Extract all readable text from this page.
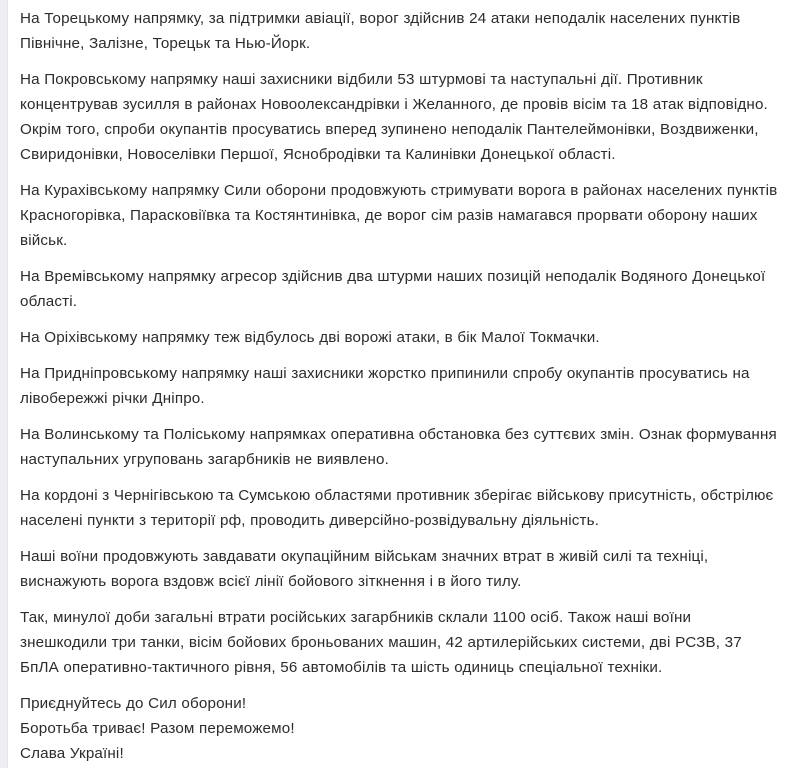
На Торецькому напрямку, за підтримки авіації, ворог здійснив 24 атаки неподалік населених пунктів Північне, Залізне, Торецьк та Нью-Йорк.

На Покровському напрямку наші захисники відбили 53 штурмові та наступальні дії. Противник концентрував зусилля в районах Новоолександрівки і Желанного, де провів вісім та 18 атак відповідно. Окрім того, спроби окупантів просуватись вперед зупинено неподалік Пантелеймонівки, Воздвиженки, Свиридонівки, Новоселівки Першої, Яснобродівки та Калинівки Донецької області.

На Курахівському напрямку Сили оборони продовжують стримувати ворога в районах населених пунктів Красногорівка, Парасковіївка та Костянтинівка, де ворог сім разів намагався прорвати оборону наших військ.

На Времівському напрямку агресор здійснив два штурми наших позицій неподалік Водяного Донецької області.

На Оріхівському напрямку теж відбулось дві ворожі атаки, в бік Малої Токмачки.

На Придніпровському напрямку наші захисники жорстко припинили спробу окупантів просуватись на лівобережжі річки Дніпро.

На Волинському та Поліському напрямках оперативна обстановка без суттєвих змін. Ознак формування наступальних угруповань загарбників не виявлено.

На кордоні з Чернігівською та Сумською областями противник зберігає військову присутність, обстрілює населені пункти з території рф, проводить диверсійно-розвідувальну діяльність.

Наші воїни продовжують завдавати окупаційним військам значних втрат в живій силі та техніці, виснажують ворога вздовж всієї лінії бойового зіткнення і в його тилу.

Так, минулої доби загальні втрати російських загарбників склали 1100 осіб. Також наші воїни знешкодили три танки, вісім бойових броньованих машин, 42 артилерійських системи, дві РСЗВ, 37 БпЛА оперативно-тактичного рівня, 56 автомобілів та шість одиниць спеціальної техніки.

Приєднуйтесь до Сил оборони!
Боротьба триває! Разом переможемо!
Слава Україні!
